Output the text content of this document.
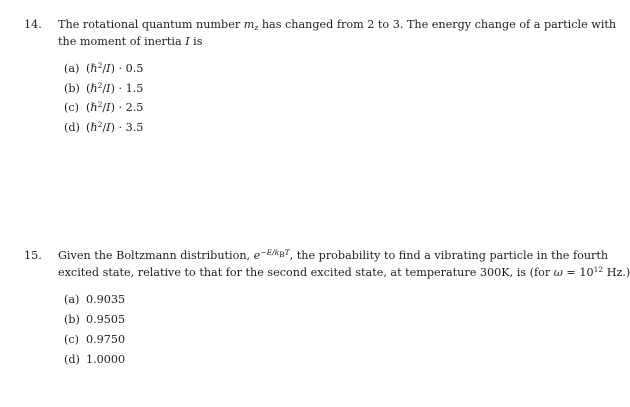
14. The rotational quantum number $m_z$ has changed from 2 to 3. The energy change of a particle with
the moment of inertia I is
(a) (ℏ$^2$/I) · 0.5
(b) (ℏ$^2$/I) · 1.5
(c) (ℏ$^2$/I) · 2.5
(d) (ℏ$^2$/I) · 3.5
15. Given the Boltzmann distribution, $e^{-E/k_BT}$, the probability to find a vibrating particle in the fourth
excited state, relative to that for the second excited state, at temperature 300K, is (for $\omega = 10^{12}$ Hz.)
(a) 0.9035
(b) 0.9505
(c) 0.9750
(d) 1.0000
